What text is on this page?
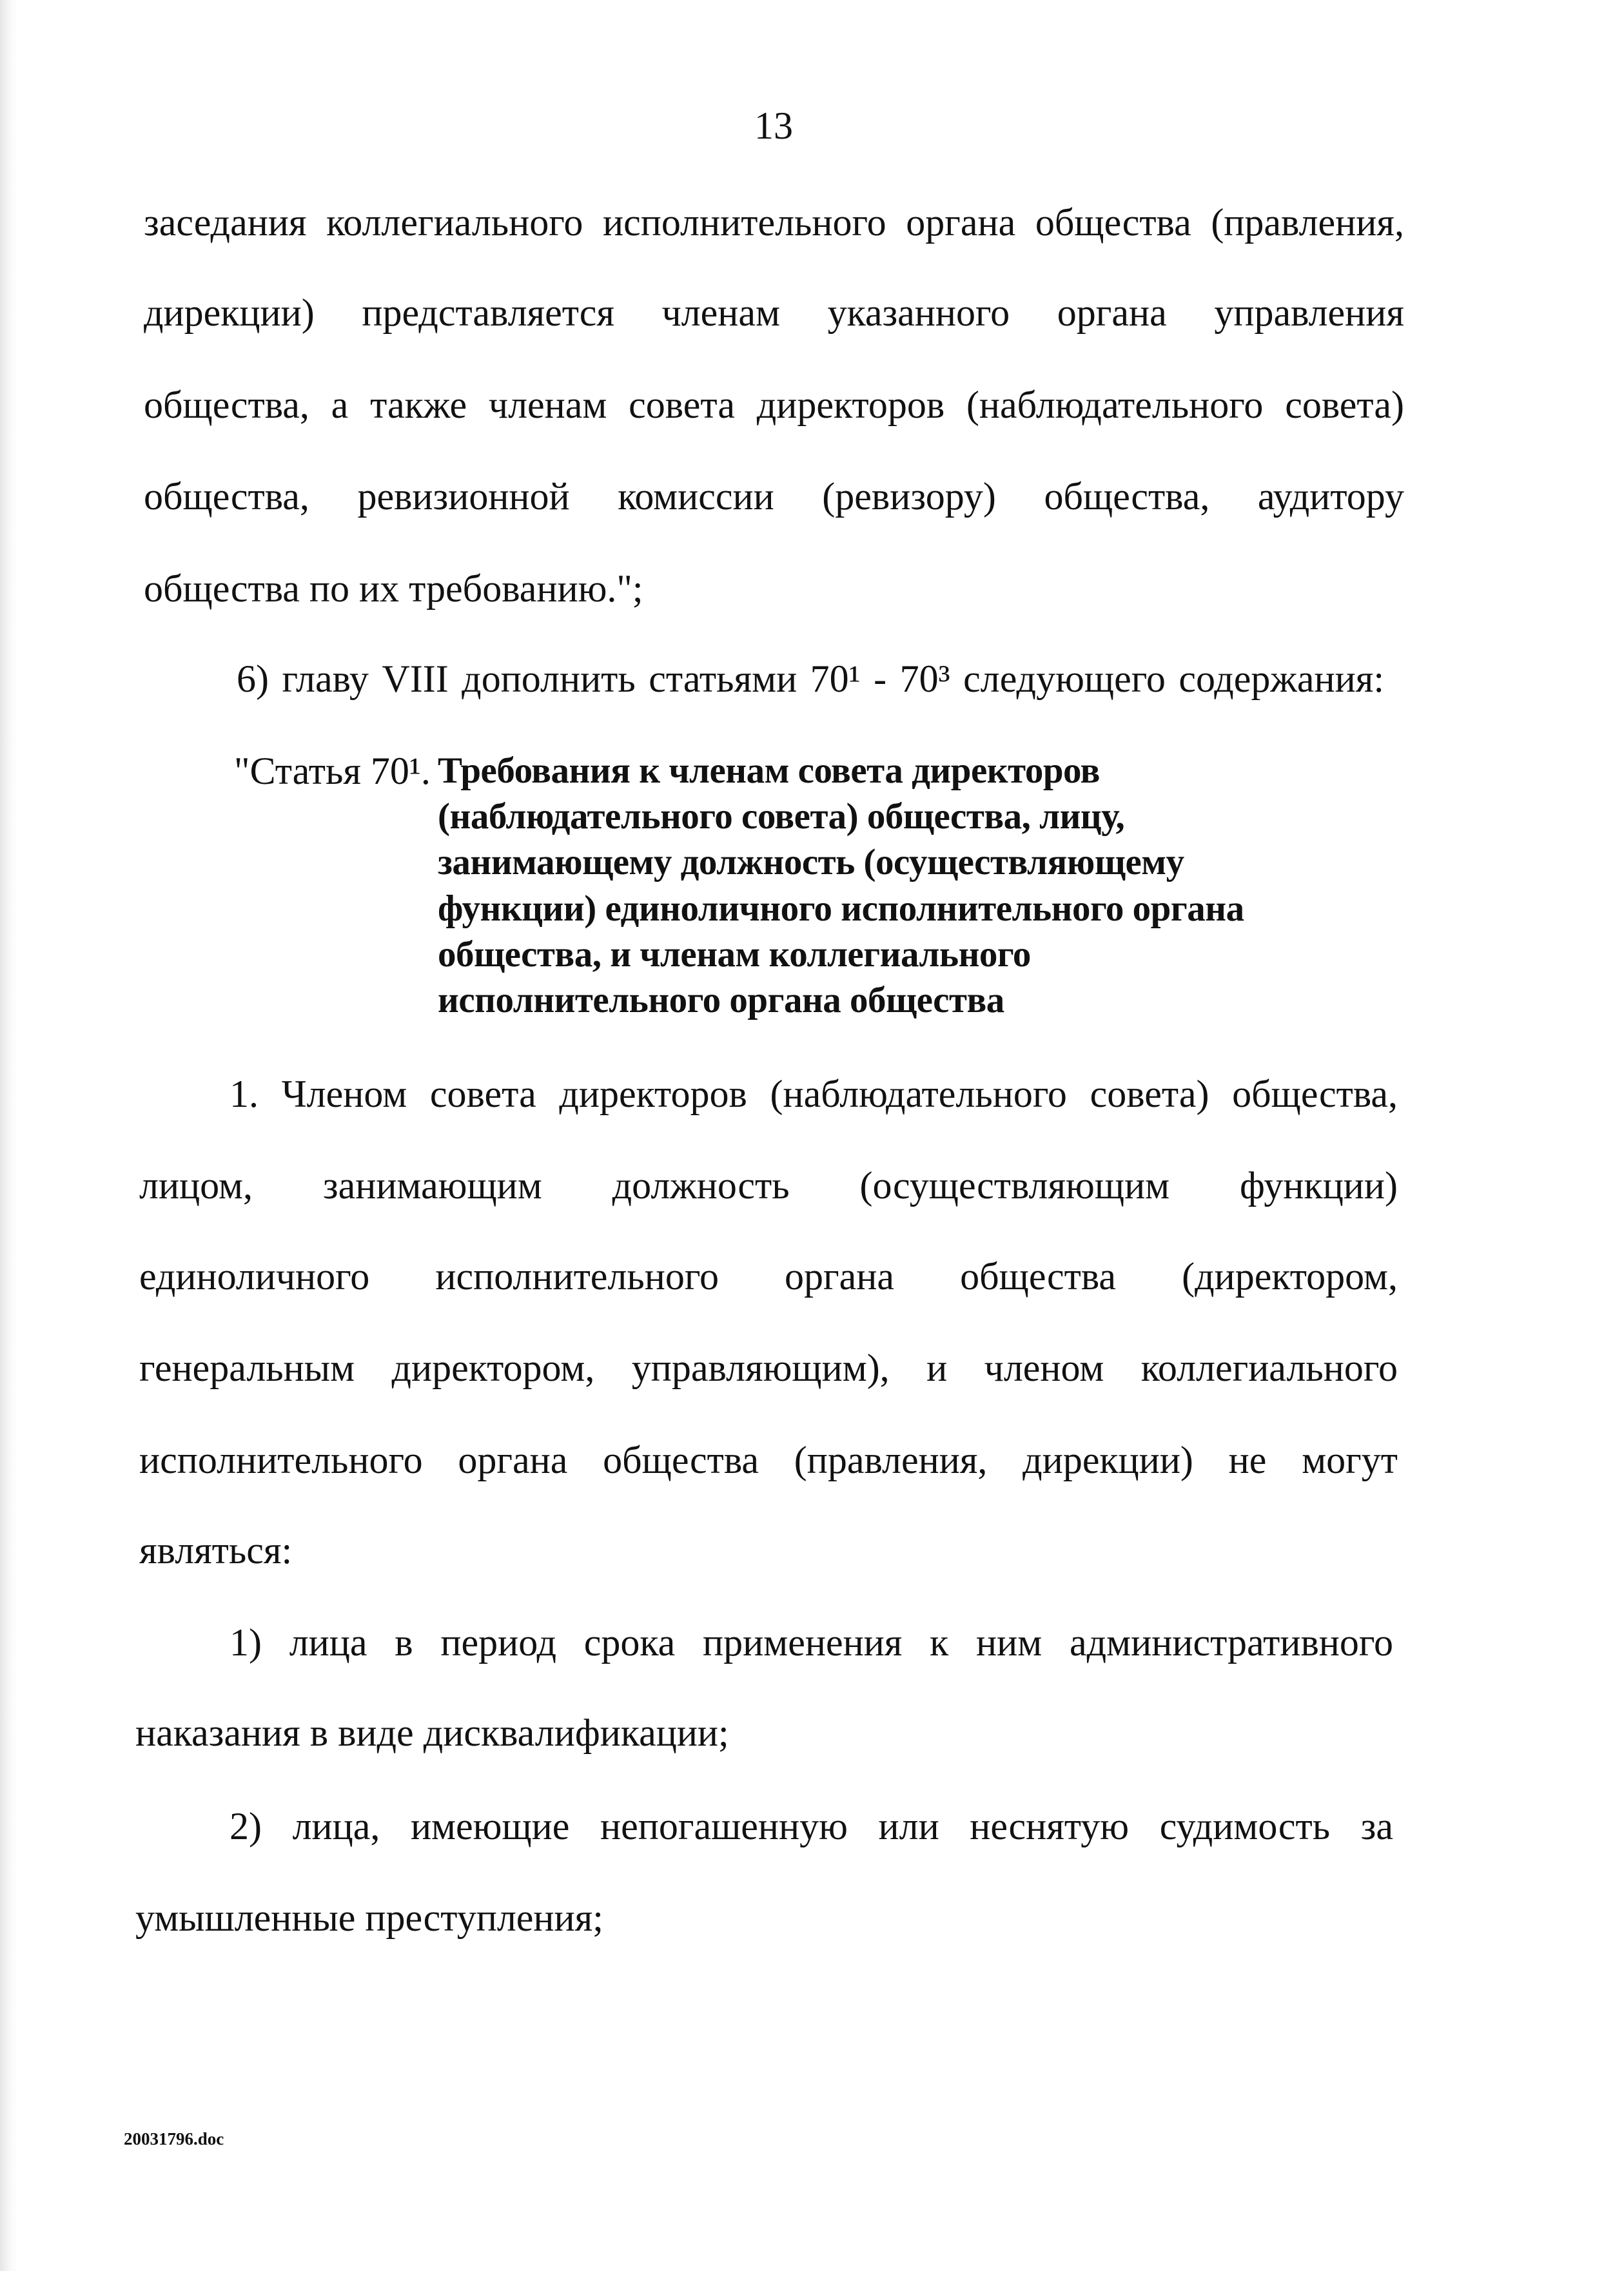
13
заседания коллегиального исполнительного органа общества (правления,
дирекции) представляется членам указанного органа управления
общества, а также членам совета директоров (наблюдательного совета)
общества, ревизионной комиссии (ревизору) общества, аудитору
общества по их требованию.";
6) главу VIII дополнить статьями 70¹ - 70³ следующего содержания:
"Статья 70¹. Требования к членам совета директоров
(наблюдательного совета) общества, лицу,
занимающему должность (осуществляющему
функции) единоличного исполнительного органа
общества, и членам коллегиального
исполнительного органа общества
1. Членом совета директоров (наблюдательного совета) общества,
лицом, занимающим должность (осуществляющим функции)
единоличного исполнительного органа общества (директором,
генеральным директором, управляющим), и членом коллегиального
исполнительного органа общества (правления, дирекции) не могут
являться:
1) лица в период срока применения к ним административного
наказания в виде дисквалификации;
2) лица, имеющие непогашенную или неснятую судимость за
умышленные преступления;
20031796.doc
